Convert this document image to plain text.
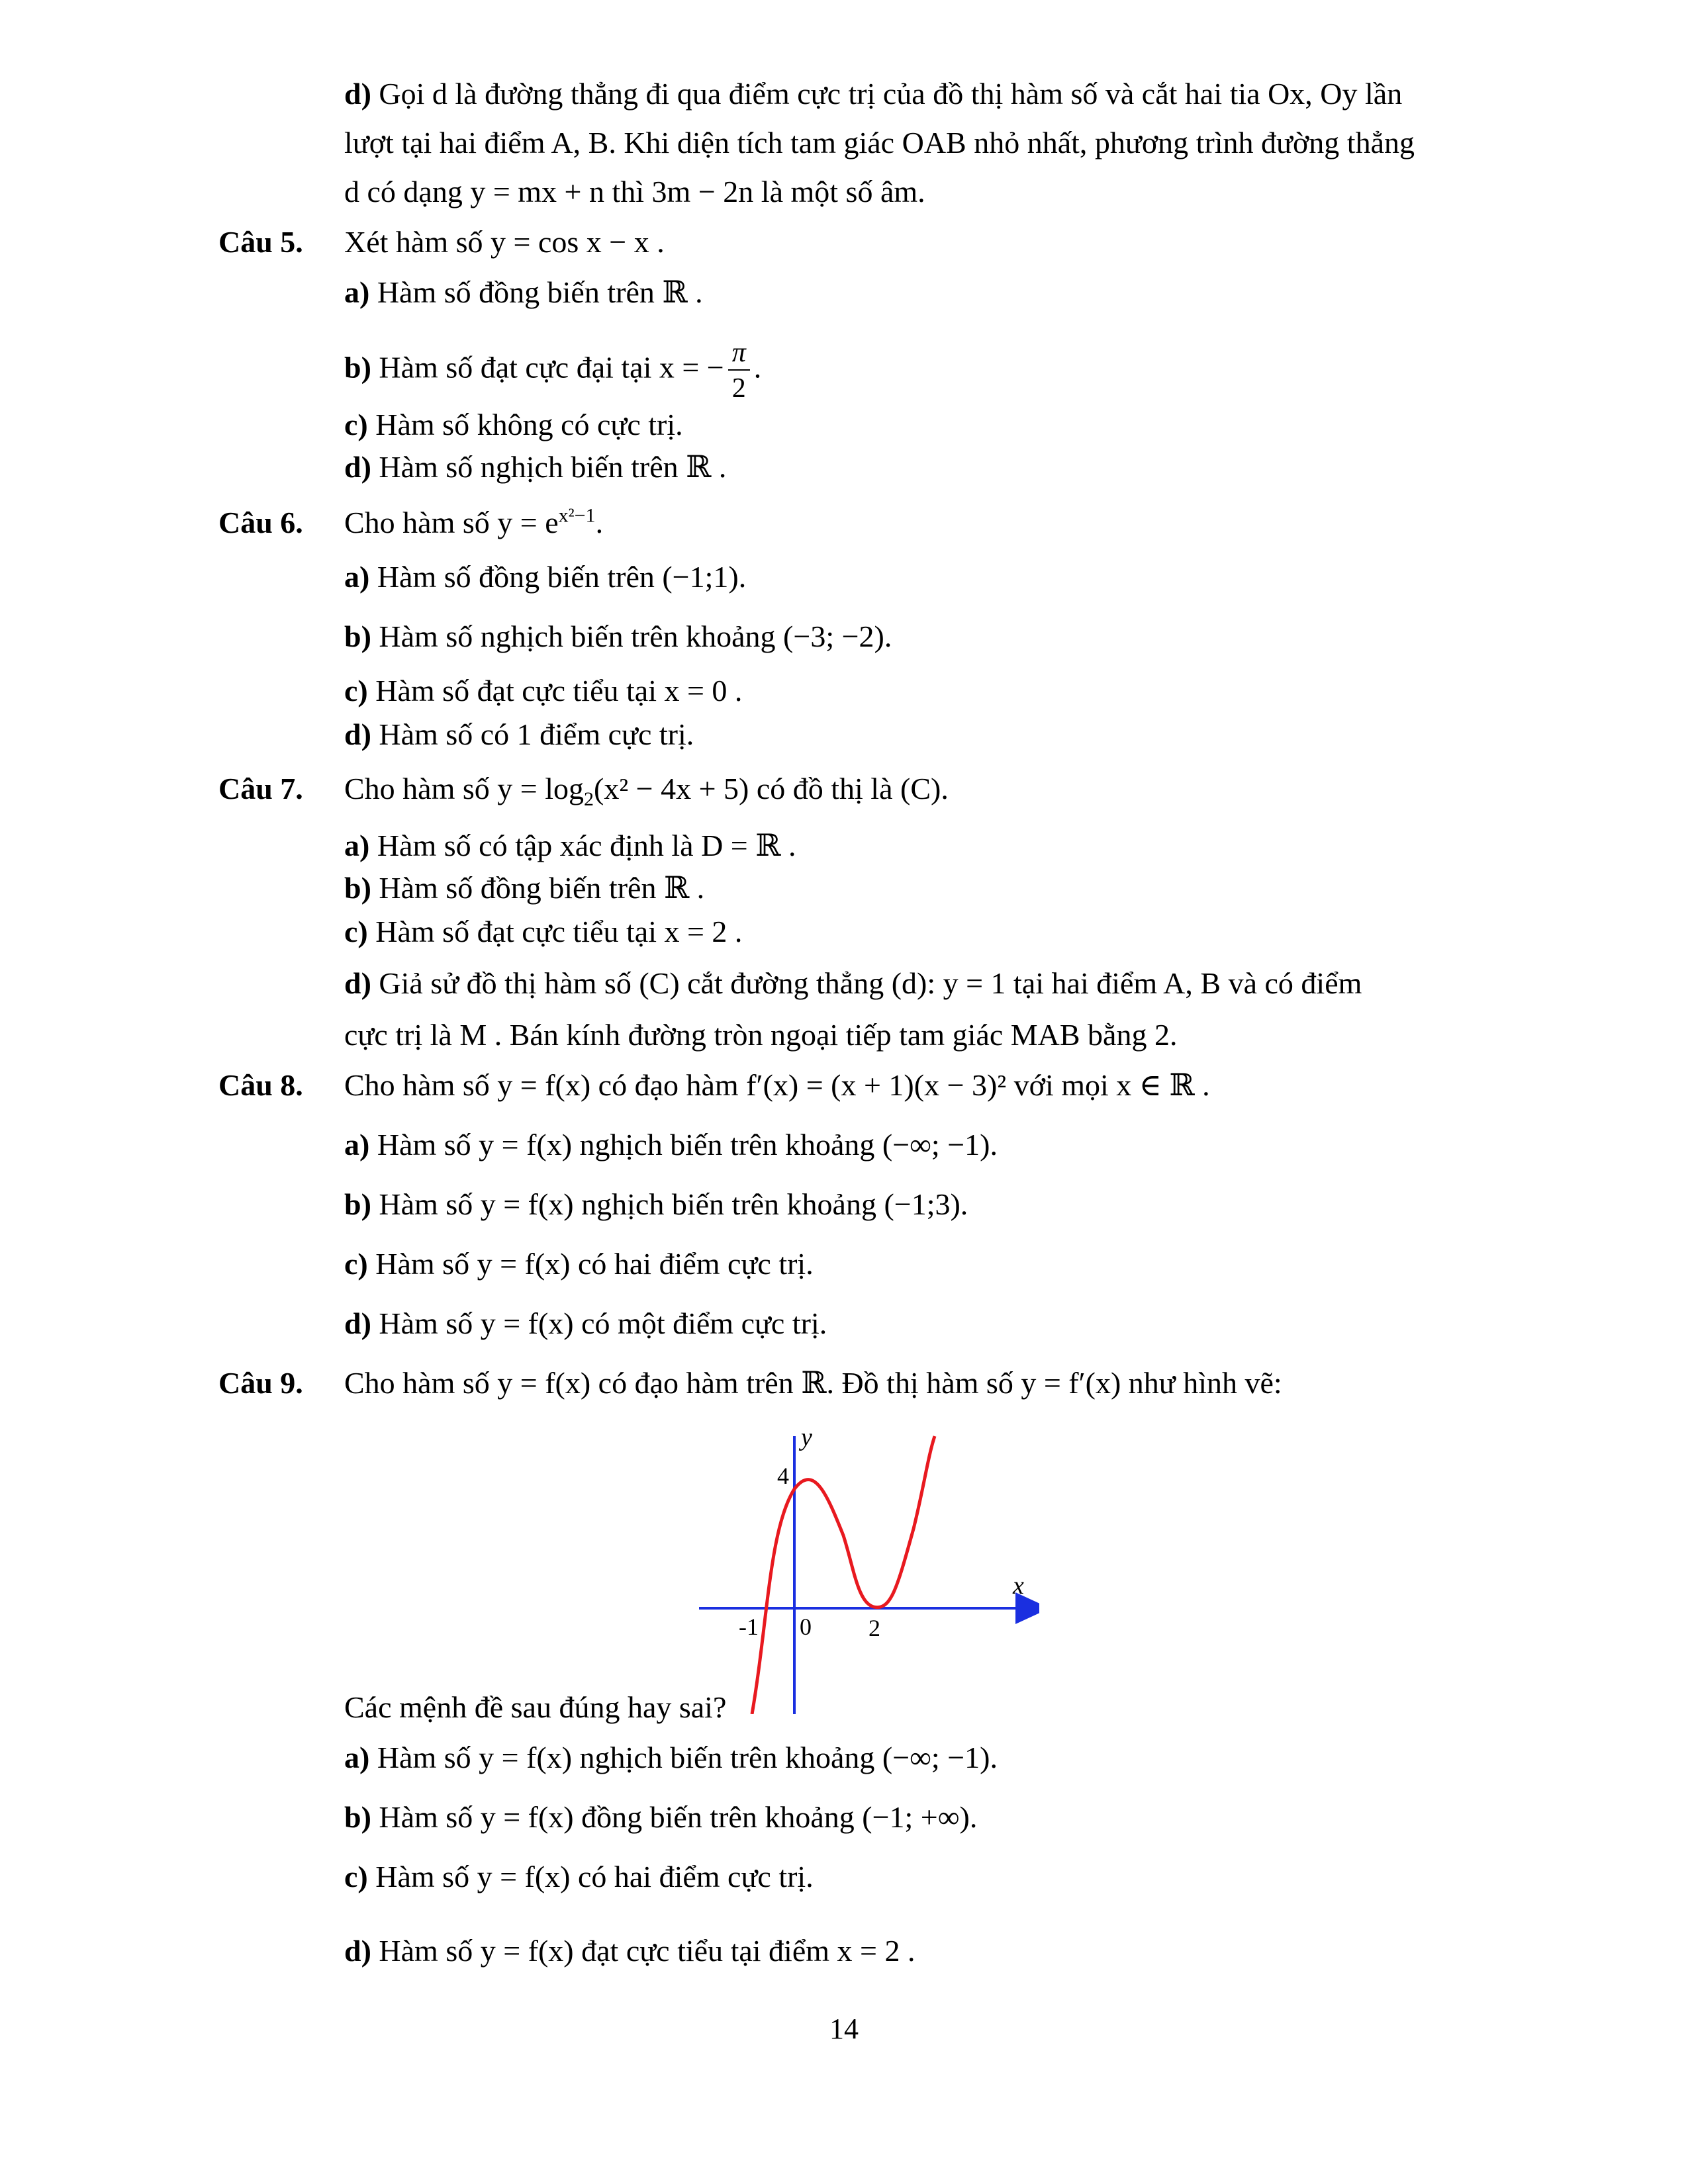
d) Gọi d là đường thẳng đi qua điểm cực trị của đồ thị hàm số và cắt hai tia Ox, Oy lần
lượt tại hai điểm A, B. Khi diện tích tam giác OAB nhỏ nhất, phương trình đường thẳng
d có dạng y = mx + n thì 3m − 2n là một số âm.
Câu 5. Xét hàm số y = cos x − x .
a) Hàm số đồng biến trên ℝ .
b) Hàm số đạt cực đại tại x = − $\frac{\pi}{2}$ .
c) Hàm số không có cực trị.
d) Hàm số nghịch biến trên ℝ .
Câu 6. Cho hàm số $y = e^{x^2-1}$.
a) Hàm số đồng biến trên (−1;1).
b) Hàm số nghịch biến trên khoảng (−3; −2).
c) Hàm số đạt cực tiểu tại x = 0 .
d) Hàm số có 1 điểm cực trị.
Câu 7. Cho hàm số $y = \log_2(x^2 - 4x + 5)$ có đồ thị là (C).
a) Hàm số có tập xác định là D = ℝ .
b) Hàm số đồng biến trên ℝ .
c) Hàm số đạt cực tiểu tại x = 2 .
d) Giả sử đồ thị hàm số (C) cắt đường thẳng (d): y = 1 tại hai điểm A, B và có điểm
cực trị là M . Bán kính đường tròn ngoại tiếp tam giác MAB bằng 2.
Câu 8. Cho hàm số y = f(x) có đạo hàm f′(x) = (x + 1)(x − 3)² với mọi x ∈ ℝ .
a) Hàm số y = f(x) nghịch biến trên khoảng (−∞; −1).
b) Hàm số y = f(x) nghịch biến trên khoảng (−1;3).
c) Hàm số y = f(x) có hai điểm cực trị.
d) Hàm số y = f(x) có một điểm cực trị.
Câu 9. Cho hàm số y = f(x) có đạo hàm trên ℝ. Đồ thị hàm số y = f′(x) như hình vẽ:
y
4
x
-1 0 2
Các mệnh đề sau đúng hay sai?
a) Hàm số y = f(x) nghịch biến trên khoảng (−∞; −1).
b) Hàm số y = f(x) đồng biến trên khoảng (−1; +∞).
c) Hàm số y = f(x) có hai điểm cực trị.
d) Hàm số y = f(x) đạt cực tiểu tại điểm x = 2 .
14
